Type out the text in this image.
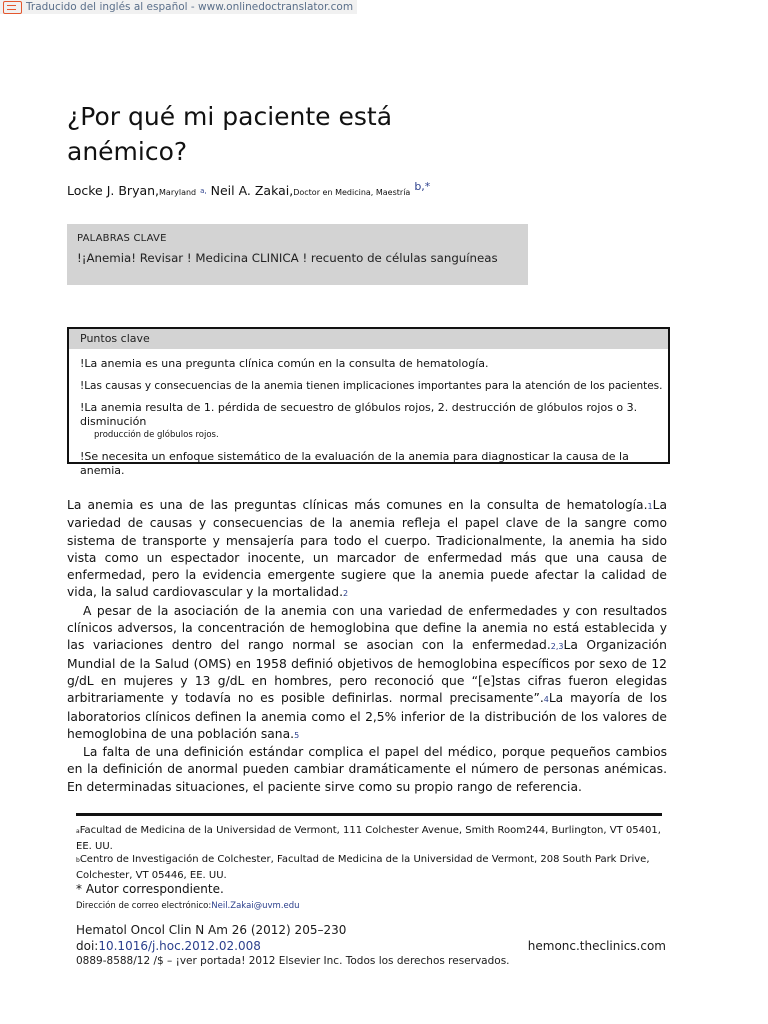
Traducido del inglés al español - www.onlinedoctranslator.com
¿Por qué mi paciente está anémico?
Locke J. Bryan,Maryland $^{a,}$ Neil A. Zakai,Doctor en Medicina, Maestría b,*
PALABRAS CLAVE
!¡Anemia! Revisar ! Medicina CLINICA ! recuento de células sanguíneas
Puntos clave
!La anemia es una pregunta clínica común en la consulta de hematología.
!Las causas y consecuencias de la anemia tienen implicaciones importantes para la atención de los pacientes.
!La anemia resulta de 1. pérdida de secuestro de glóbulos rojos, 2. destrucción de glóbulos rojos o 3. disminución
producción de glóbulos rojos.
!Se necesita un enfoque sistemático de la evaluación de la anemia para diagnosticar la causa de la anemia.

La anemia es una de las preguntas clínicas más comunes en la consulta de hematología.1La variedad de causas y consecuencias de la anemia refleja el papel clave de la sangre como sistema de transporte y mensajería para todo el cuerpo. Tradicionalmente, la anemia ha sido vista como un espectador inocente, un marcador de enfermedad más que una causa de enfermedad, pero la evidencia emergente sugiere que la anemia puede afectar la calidad de vida, la salud cardiovascular y la mortalidad.2

A pesar de la asociación de la anemia con una variedad de enfermedades y con resultados clínicos adversos, la concentración de hemoglobina que define la anemia no está establecida y las variaciones dentro del rango normal se asocian con la enfermedad.2,3La Organización Mundial de la Salud (OMS) en 1958 definió objetivos de hemoglobina específicos por sexo de 12 g/dL en mujeres y 13 g/dL en hombres, pero reconoció que “[e]stas cifras fueron elegidas arbitrariamente y todavía no es posible definirlas. normal precisamente”.4La mayoría de los laboratorios clínicos definen la anemia como el 2,5% inferior de la distribución de los valores de hemoglobina de una población sana.5

La falta de una definición estándar complica el papel del médico, porque pequeños cambios en la definición de anormal pueden cambiar dramáticamente el número de personas anémicas. En determinadas situaciones, el paciente sirve como su propio rango de referencia.

aFacultad de Medicina de la Universidad de Vermont, 111 Colchester Avenue, Smith Room244, Burlington, VT 05401, EE. UU.
bCentro de Investigación de Colchester, Facultad de Medicina de la Universidad de Vermont, 208 South Park Drive, Colchester, VT 05446, EE. UU.
* Autor correspondiente.
Dirección de correo electrónico:Neil.Zakai@uvm.edu
Hematol Oncol Clin N Am 26 (2012) 205–230
doi:10.1016/j.hoc.2012.02.008	hemonc.theclinics.com
0889-8588/12 /$ – ¡ver portada! 2012 Elsevier Inc. Todos los derechos reservados.
